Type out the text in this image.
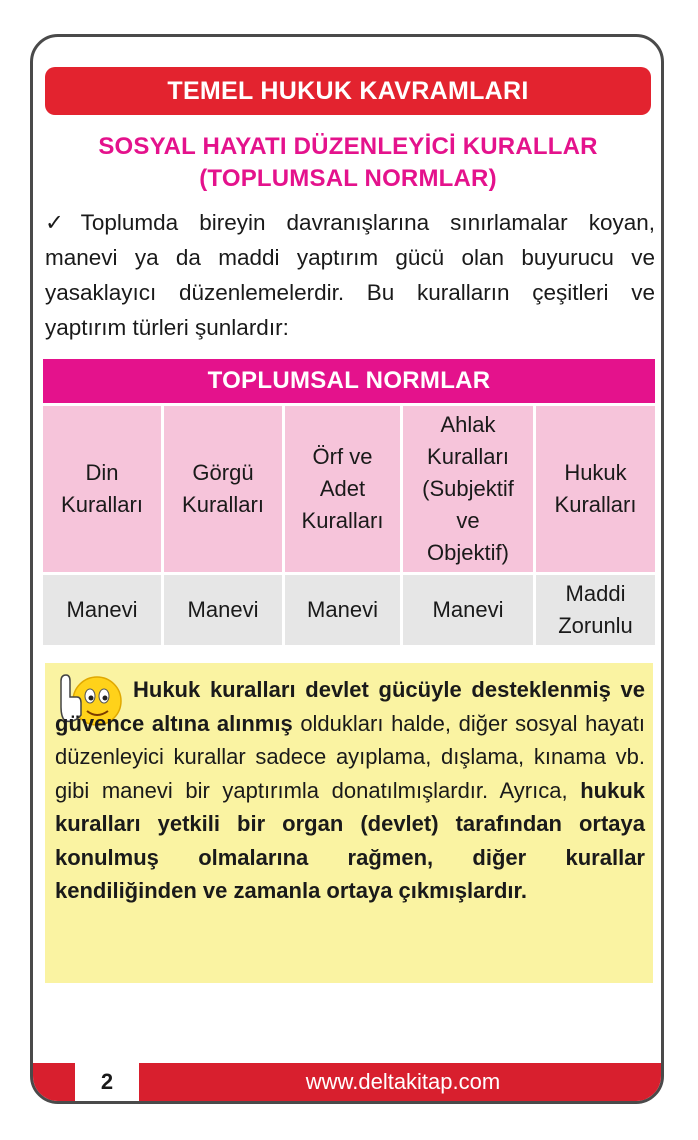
TEMEL HUKUK KAVRAMLARI
SOSYAL HAYATI DÜZENLEYİCİ KURALLAR
(TOPLUMSAL NORMLAR)
✓Toplumda bireyin davranışlarına sınırlamalar koyan, manevi ya da maddi yaptırım gücü olan buyurucu ve yasaklayıcı düzenlemelerdir. Bu kuralların çeşitleri ve yaptırım türleri şunlardır:
TOPLUMSAL NORMLAR
Din
Kuralları
Görgü
Kuralları
Örf ve
Adet
Kuralları
Ahlak
Kuralları
(Subjektif
ve
Objektif)
Hukuk
Kuralları
Manevi Manevi Manevi Manevi
Maddi
Zorunlu
Hukuk kuralları devlet gücüyle desteklenmiş ve güvence altına alınmış oldukları halde, diğer sosyal hayatı düzenleyici kurallar sadece ayıplama, dışlama, kınama vb. gibi manevi bir yaptırımla donatılmışlardır. Ayrıca, hukuk kuralları yetkili bir organ (devlet) tarafından ortaya konulmuş olmalarına rağmen, diğer kurallar kendiliğinden ve zamanla ortaya çıkmışlardır.
2	www.deltakitap.com
